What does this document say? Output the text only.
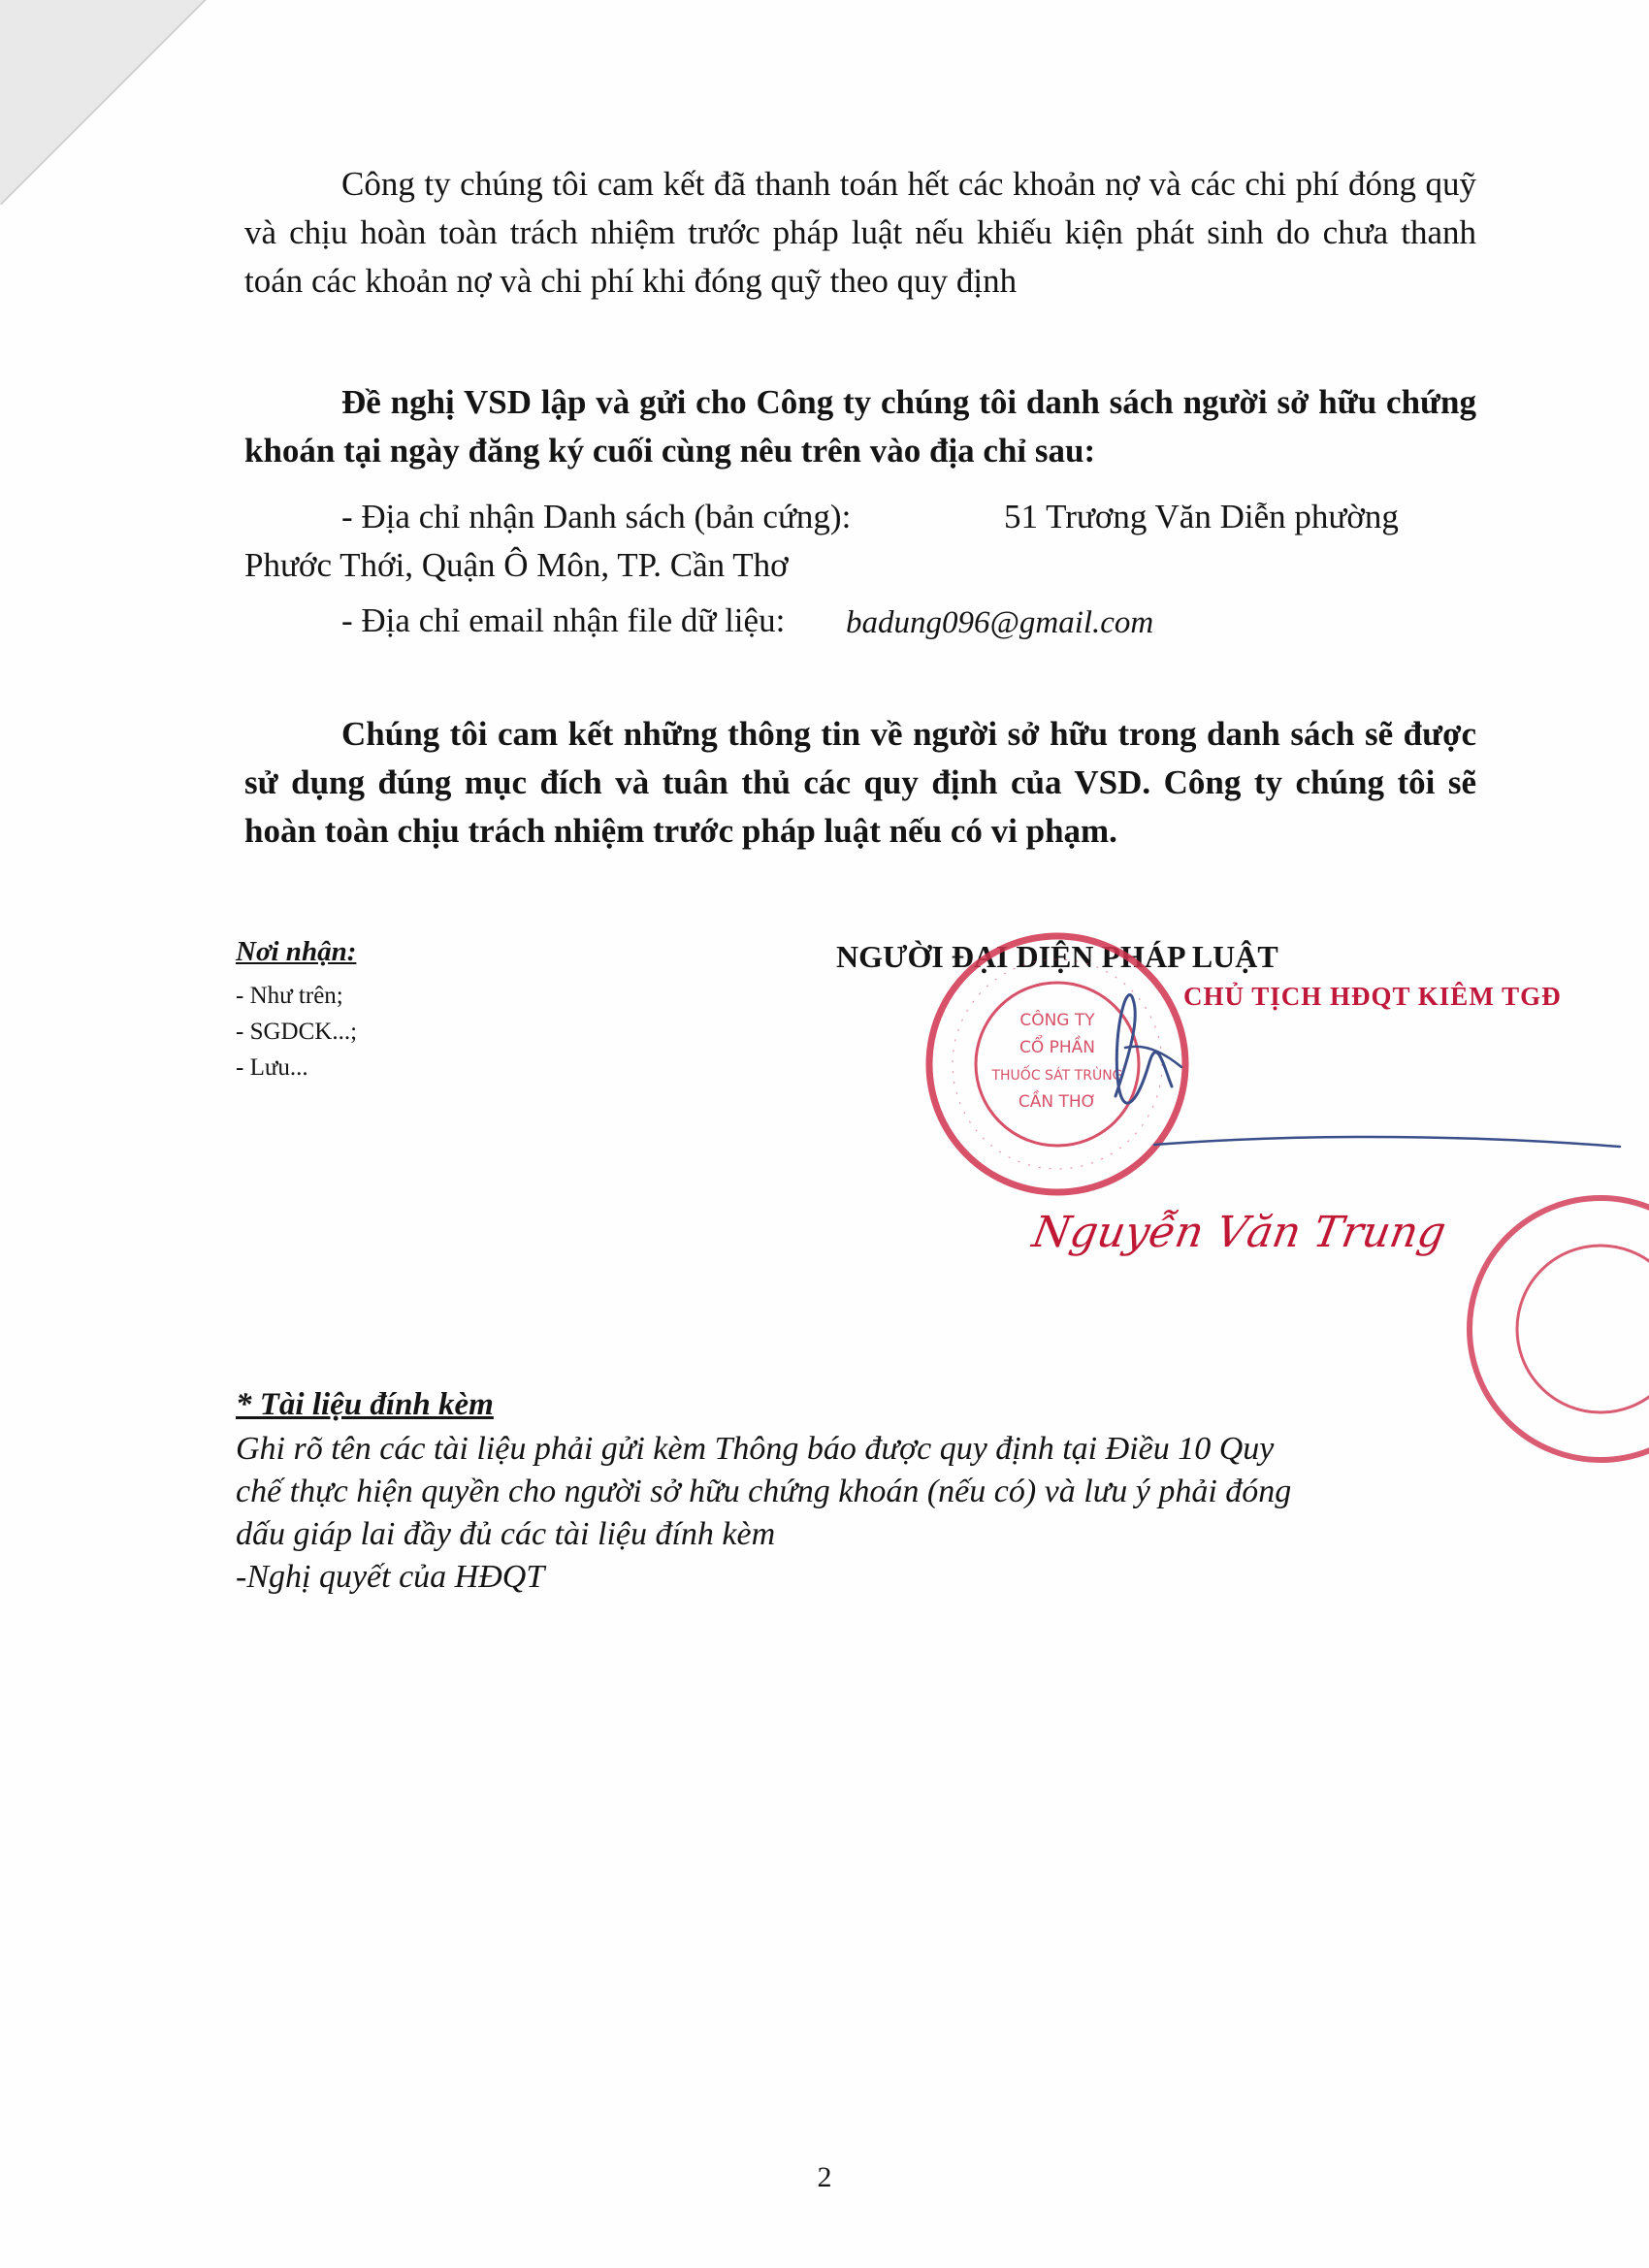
Công ty chúng tôi cam kết đã thanh toán hết các khoản nợ và các chi phí đóng quỹ và chịu hoàn toàn trách nhiệm trước pháp luật nếu khiếu kiện phát sinh do chưa thanh toán các khoản nợ và chi phí khi đóng quỹ theo quy định

Đề nghị VSD lập và gửi cho Công ty chúng tôi danh sách người sở hữu chứng khoán tại ngày đăng ký cuối cùng nêu trên vào địa chỉ sau:

- Địa chỉ nhận Danh sách (bản cứng):	51 Trương Văn Diễn phường
Phước Thới, Quận Ô Môn, TP. Cần Thơ
- Địa chỉ email nhận file dữ liệu: badung096@gmail.com

Chúng tôi cam kết những thông tin về người sở hữu trong danh sách sẽ được sử dụng đúng mục đích và tuân thủ các quy định của VSD. Công ty chúng tôi sẽ hoàn toàn chịu trách nhiệm trước pháp luật nếu có vi phạm.

Nơi nhận:
- Như trên;
- SGDCK...;
- Lưu...
NGƯỜI ĐẠI DIỆN PHÁP LUẬT
CÔNG TY
CỔ PHẦN
THUỐC SÁT TRÙNG
CẦN THƠ
CHỦ TỊCH HĐQT KIÊM TGĐ
Nguyễn Văn Trung
* Tài liệu đính kèm
Ghi rõ tên các tài liệu phải gửi kèm Thông báo được quy định tại Điều 10 Quy
chế thực hiện quyền cho người sở hữu chứng khoán (nếu có) và lưu ý phải đóng
dấu giáp lai đầy đủ các tài liệu đính kèm
-Nghị quyết của HĐQT
2
